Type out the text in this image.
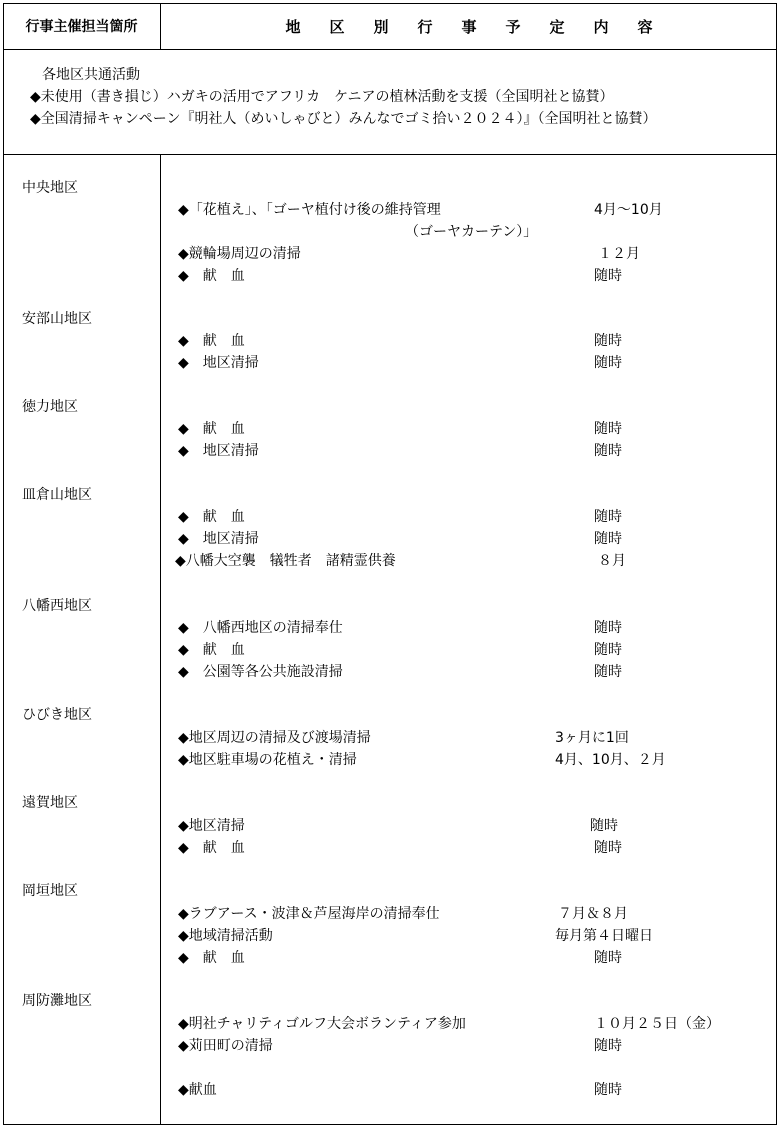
行事主催担当箇所	地区別行事予定内容
各地区共通活動
◆未使用（書き損じ）ハガキの活用でアフリカ　ケニアの植林活動を支援（全国明社と協賛）
◆全国清掃キャンペーン『明社人（めいしゃびと）みんなでゴミ拾い２０２４）』（全国明社と協賛）
中央地区
◆「花植え」、「ゴーヤ植付け後の維持管理	4月～10月
（ゴーヤカーテン）」
◆競輪場周辺の清掃	１２月
◆　献　血	随時
安部山地区
◆　献　血	随時
◆　地区清掃	随時
徳力地区
◆　献　血	随時
◆　地区清掃	随時
皿倉山地区
◆　献　血	随時
◆　地区清掃	随時
◆八幡大空襲　犠牲者　諸精霊供養	８月
八幡西地区
◆　八幡西地区の清掃奉仕	随時
◆　献　血	随時
◆　公園等各公共施設清掃	随時
ひびき地区
◆地区周辺の清掃及び渡場清掃	3ヶ月に1回
◆地区駐車場の花植え・清掃	4月、10月、２月
遠賀地区
◆地区清掃	随時
◆　献　血	随時
岡垣地区
◆ラブアース・波津＆芦屋海岸の清掃奉仕	７月＆８月
◆地域清掃活動	毎月第４日曜日
◆　献　血	随時
周防灘地区
◆明社チャリティゴルフ大会ボランティア参加	１０月２５日（金）
◆苅田町の清掃	随時
◆献血	随時
